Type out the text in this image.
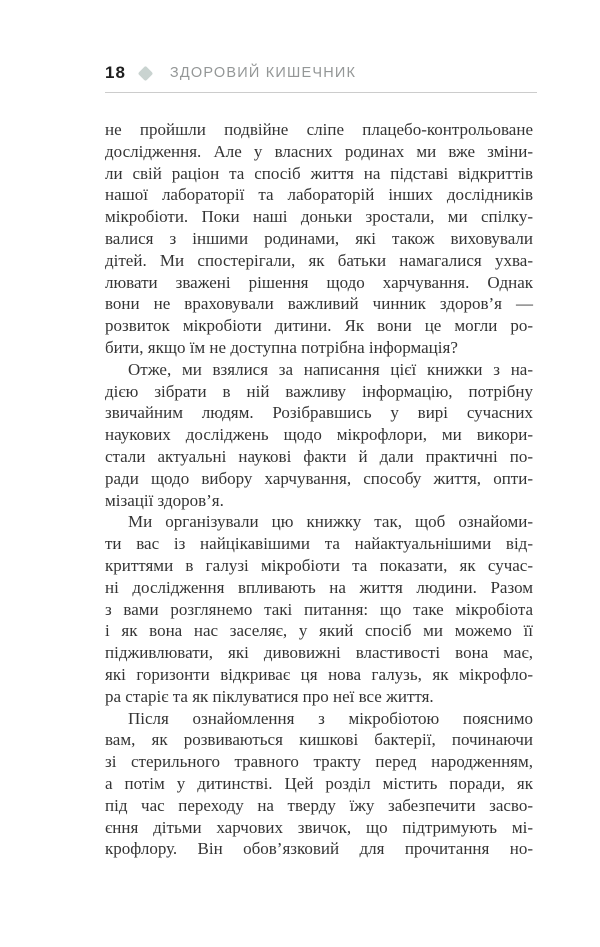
18	ЗДОРОВИЙ КИШЕЧНИК
не пройшли подвійне сліпе плацебо-контрольоване
дослідження. Але у власних родинах ми вже зміни-
ли свій раціон та спосіб життя на підставі відкриттів
нашої лабораторії та лабораторій інших дослідників
мікробіоти. Поки наші доньки зростали, ми спілку-
валися з іншими родинами, які також виховували
дітей. Ми спостерігали, як батьки намагалися ухва-
лювати зважені рішення щодо харчування. Однак
вони не враховували важливий чинник здоров’я —
розвиток мікробіоти дитини. Як вони це могли ро-
бити, якщо їм не доступна потрібна інформація?
Отже, ми взялися за написання цієї книжки з на-
дією зібрати в ній важливу інформацію, потрібну
звичайним людям. Розібравшись у вирі сучасних
наукових досліджень щодо мікрофлори, ми викори-
стали актуальні наукові факти й дали практичні по-
ради щодо вибору харчування, способу життя, опти-
мізації здоров’я.
Ми організували цю книжку так, щоб ознайоми-
ти вас із найцікавішими та найактуальнішими від-
криттями в галузі мікробіоти та показати, як сучас-
ні дослідження впливають на життя людини. Разом
з вами розглянемо такі питання: що таке мікробіота
і як вона нас заселяє, у який спосіб ми можемо її
підживлювати, які дивовижні властивості вона має,
які горизонти відкриває ця нова галузь, як мікрофло-
ра старіє та як піклуватися про неї все життя.
Після ознайомлення з мікробіотою пояснимо
вам, як розвиваються кишкові бактерії, починаючи
зі стерильного травного тракту перед народженням,
а потім у дитинстві. Цей розділ містить поради, як
під час переходу на тверду їжу забезпечити засво-
єння дітьми харчових звичок, що підтримують мі-
крофлору. Він обов’язковий для прочитання но-
